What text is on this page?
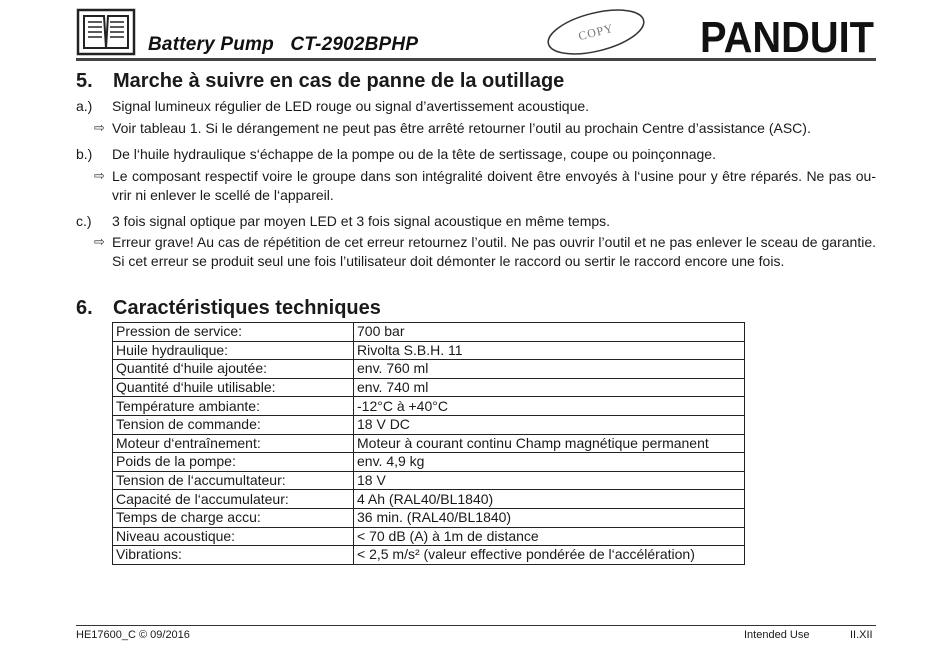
Battery Pump   CT-2902BPHP
COPY	PANDUIT
5. Marche à suivre en cas de panne de la outillage
a.) Signal lumineux régulier de LED rouge ou signal d’avertissement acoustique.
⇨ Voir tableau 1. Si le dérangement ne peut pas être arrêté retourner l’outil au prochain Centre d’assistance (ASC).
b.) De l‘huile hydraulique s‘échappe de la pompe ou de la tête de sertissage, coupe ou poinçonnage.
⇨ Le composant respectif voire le groupe dans son intégralité doivent être envoyés à l‘usine pour y être réparés. Ne pas ou-vrir ni enlever le scellé de l‘appareil.
c.) 3 fois signal optique par moyen LED et 3 fois signal acoustique en même temps.
⇨ Erreur grave! Au cas de répétition de cet erreur retournez l’outil. Ne pas ouvrir l’outil et ne pas enlever le sceau de garantie. Si cet erreur se produit seul une fois l’utilisateur doit démonter le raccord ou sertir le raccord encore une fois.
6. Caractéristiques techniques
Pression de service:	700 bar
Huile hydraulique:	Rivolta S.B.H. 11
Quantité d‘huile ajoutée:	env. 760 ml
Quantité d‘huile utilisable:	env. 740 ml
Température ambiante:	-12°C à +40°C
Tension de commande:	18 V DC
Moteur d‘entraînement:	Moteur à courant continu Champ magnétique permanent
Poids de la pompe:	env. 4,9 kg
Tension de l‘accumultateur:	18 V
Capacité de l‘accumulateur:	4 Ah (RAL40/BL1840)
Temps de charge accu:	36 min. (RAL40/BL1840)
Niveau acoustique:	< 70 dB (A) à 1m de distance
Vibrations:	< 2,5 m/s² (valeur effective pondérée de l‘accélération)
HE17600_C © 09/2016	Intended Use	II.XII
